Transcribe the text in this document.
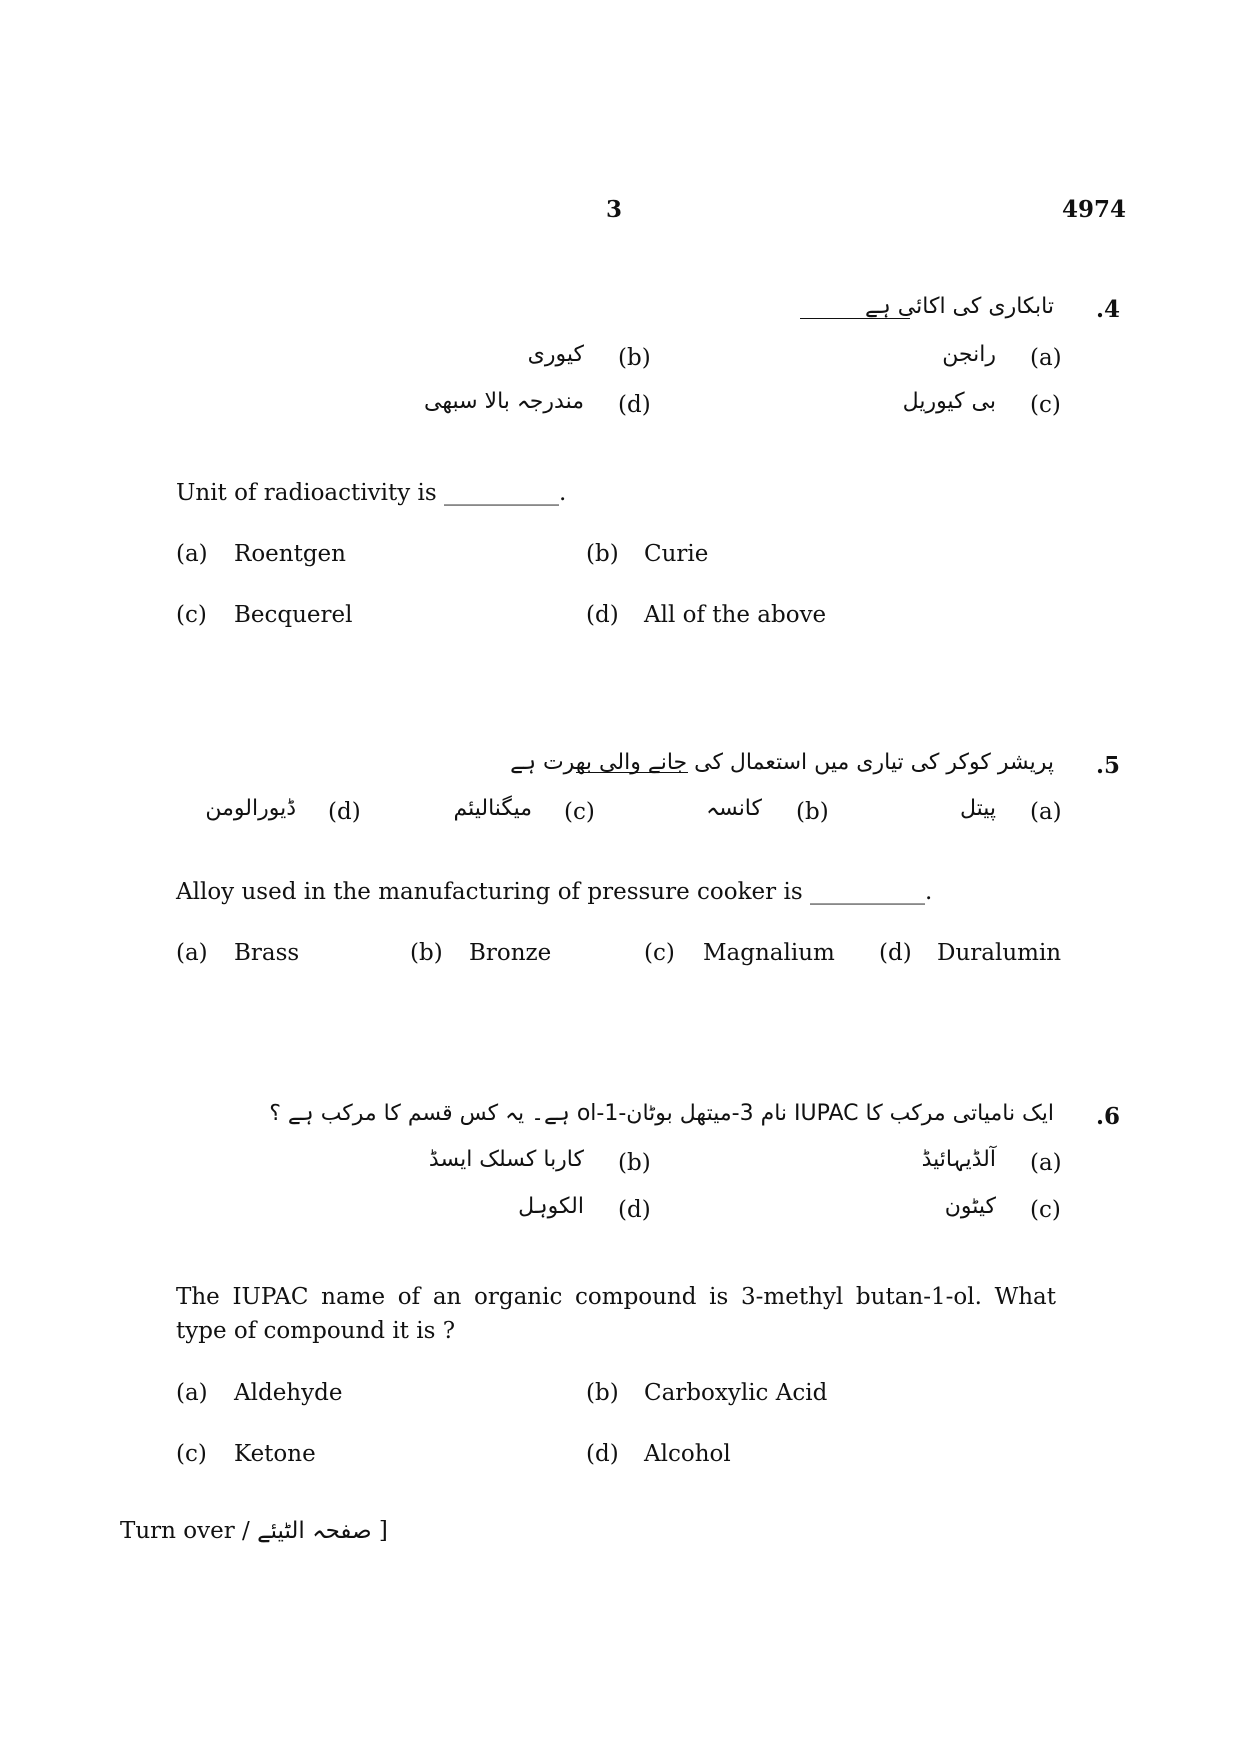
3	4974
.4
تابکاری کی اکائی ہے
(a)
رانجن
(b)
کیوری
(c)
بی کیوریل
(d)
مندرجہ بالا سبھی
Unit of radioactivity is __________.
(a) Roentgen	(b) Curie
(c) Becquerel	(d) All of the above
.5
پریشر کوکر کی تیاری میں استعمال کی جانے والی بھرت ہے
(a)
پیتل
(b)
کانسہ
(c)
میگنالیئم
(d)
ڈیورالومن
Alloy used in the manufacturing of pressure cooker is __________.
(a) Brass	(b) Bronze	(c) Magnalium (d) Duralumin
.6
ایک نامیاتی مرکب کا IUPAC نام 3-میتھل بوٹان-1-ol ہے۔ یہ کس قسم کا مرکب ہے ؟
(a)
آلڈیہائیڈ
(b)
کاربا کسلک ایسڈ
(c)
کیٹون
(d)
الکوہل
The IUPAC name of an organic compound is 3-methyl butan-1-ol. What type of compound it is ?
(a) Aldehyde	(b) Carboxylic Acid
(c) Ketone	(d) Alcohol
[ صفحہ الٹیئے / Turn over
